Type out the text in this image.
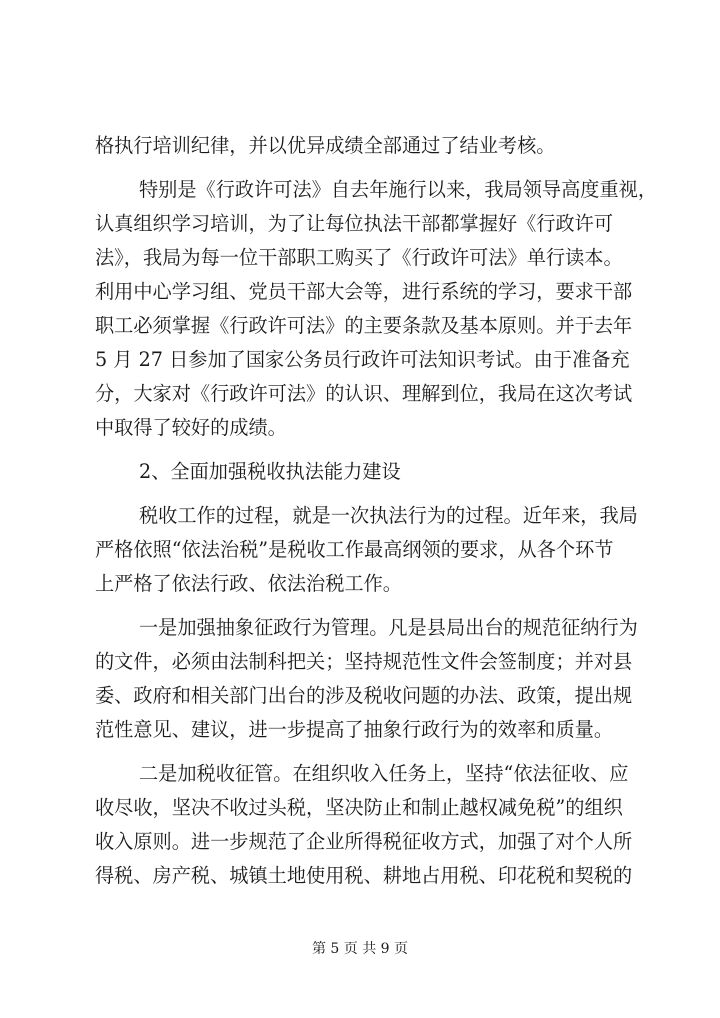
格执行培训纪律，并以优异成绩全部通过了结业考核。
特别是《行政许可法》自去年施行以来，我局领导高度重视，
认真组织学习培训，为了让每位执法干部都掌握好《行政许可
法》，我局为每一位干部职工购买了《行政许可法》单行读本。
利用中心学习组、党员干部大会等，进行系统的学习，要求干部
职工必须掌握《行政许可法》的主要条款及基本原则。并于去年
5 月 27 日参加了国家公务员行政许可法知识考试。由于准备充
分，大家对《行政许可法》的认识、理解到位，我局在这次考试
中取得了较好的成绩。
2、全面加强税收执法能力建设
税收工作的过程，就是一次执法行为的过程。近年来，我局
严格依照“依法治税”是税收工作最高纲领的要求，从各个环节
上严格了依法行政、依法治税工作。
一是加强抽象征政行为管理。凡是县局出台的规范征纳行为
的文件，必须由法制科把关；坚持规范性文件会签制度；并对县
委、政府和相关部门出台的涉及税收问题的办法、政策，提出规
范性意见、建议，进一步提高了抽象行政行为的效率和质量。
二是加税收征管。在组织收入任务上，坚持“依法征收、应
收尽收，坚决不收过头税，坚决防止和制止越权减免税”的组织
收入原则。进一步规范了企业所得税征收方式，加强了对个人所
得税、房产税、城镇土地使用税、耕地占用税、印花税和契税的
第 5 页 共 9 页
